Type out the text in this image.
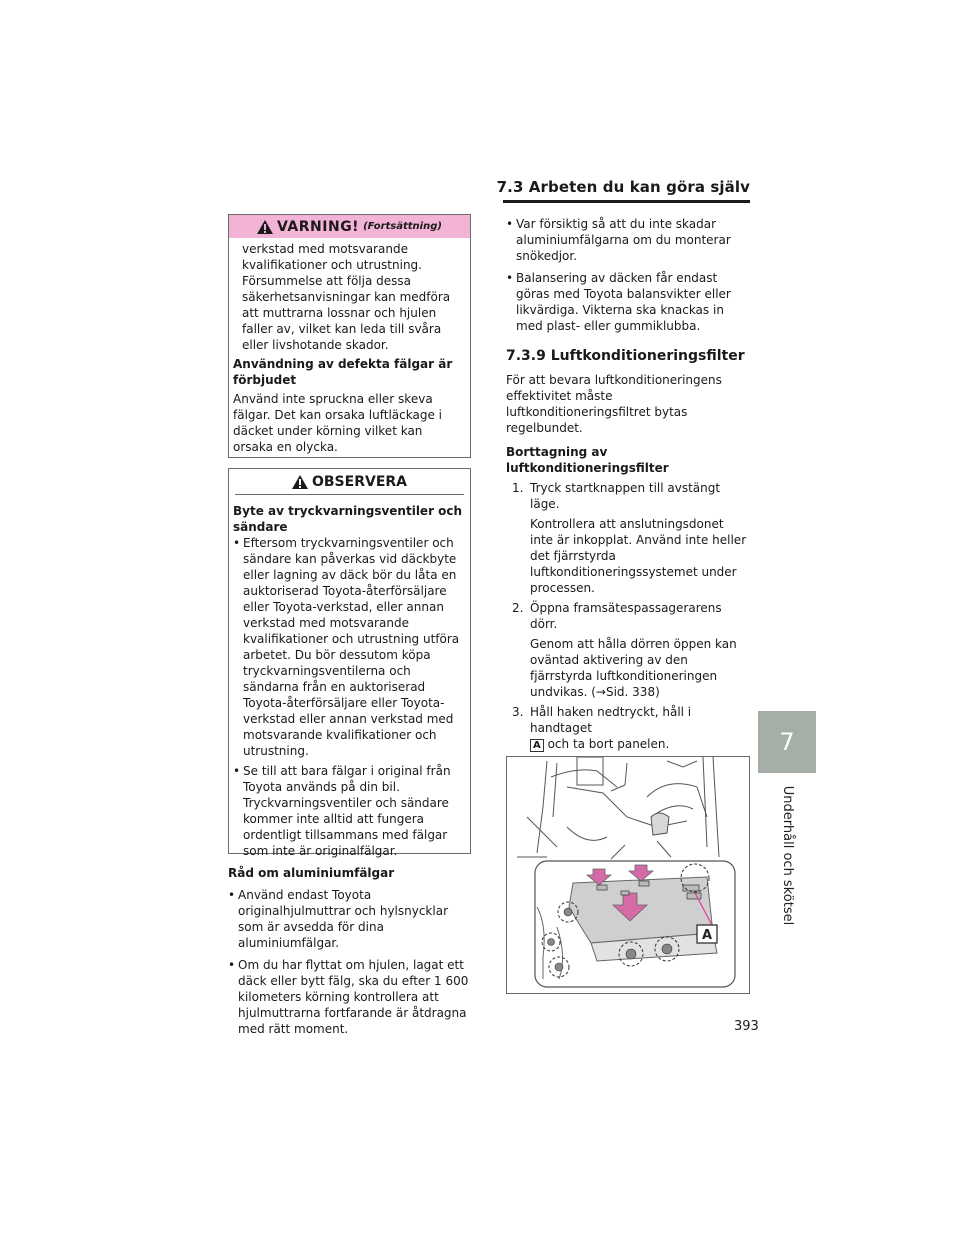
7.3 Arbeten du kan göra själv
7
Underhåll och skötsel
393
VARNING! (Fortsättning)

verkstad med motsvarande kvalifikationer och utrustning. Försummelse att följa dessa säkerhetsanvisningar kan medföra att muttrarna lossnar och hjulen faller av, vilket kan leda till svåra eller livshotande skador.

Användning av defekta fälgar är förbjudet

Använd inte spruckna eller skeva fälgar. Det kan orsaka luftläckage i däcket under körning vilket kan orsaka en olycka.

OBSERVERA

Byte av tryckvarningsventiler och sändare

• Eftersom tryckvarningsventiler och sändare kan påverkas vid däckbyte eller lagning av däck bör du låta en auktoriserad Toyota-återförsäljare eller Toyota-verkstad, eller annan verkstad med motsvarande kvalifikationer och utrustning utföra arbetet. Du bör dessutom köpa tryckvarningsventilerna och sändarna från en auktoriserad Toyota-återförsäljare eller Toyota-verkstad eller annan verkstad med motsvarande kvalifikationer och utrustning.
• Se till att bara fälgar i original från Toyota används på din bil. Tryckvarningsventiler och sändare kommer inte alltid att fungera ordentligt tillsammans med fälgar som inte är originalfälgar.

Råd om aluminiumfälgar

• Använd endast Toyota originalhjulmuttrar och hylsnycklar som är avsedda för dina aluminiumfälgar.
• Om du har flyttat om hjulen, lagat ett däck eller bytt fälg, ska du efter 1 600 kilometers körning kontrollera att hjulmuttrarna fortfarande är åtdragna med rätt moment.
• Var försiktig så att du inte skadar aluminiumfälgarna om du monterar snökedjor.
• Balansering av däcken får endast göras med Toyota balansvikter eller likvärdiga. Vikterna ska knackas in med plast- eller gummiklubba.

7.3.9 Luftkonditioneringsfilter

För att bevara luftkonditioneringens effektivitet måste luftkonditioneringsfiltret bytas regelbundet.

Borttagning av luftkonditioneringsfilter

1. Tryck startknappen till avstängt läge.

Kontrollera att anslutningsdonet inte är inkopplat. Använd inte heller det fjärrstyrda luftkonditioneringssystemet under processen.

2. Öppna framsätespassagerarens dörr.

Genom att hålla dörren öppen kan oväntad aktivering av den fjärrstyrda luftkonditioneringen undvikas. (→Sid. 338)

3. Håll haken nedtryckt, håll i handtaget
A och ta bort panelen.
A
